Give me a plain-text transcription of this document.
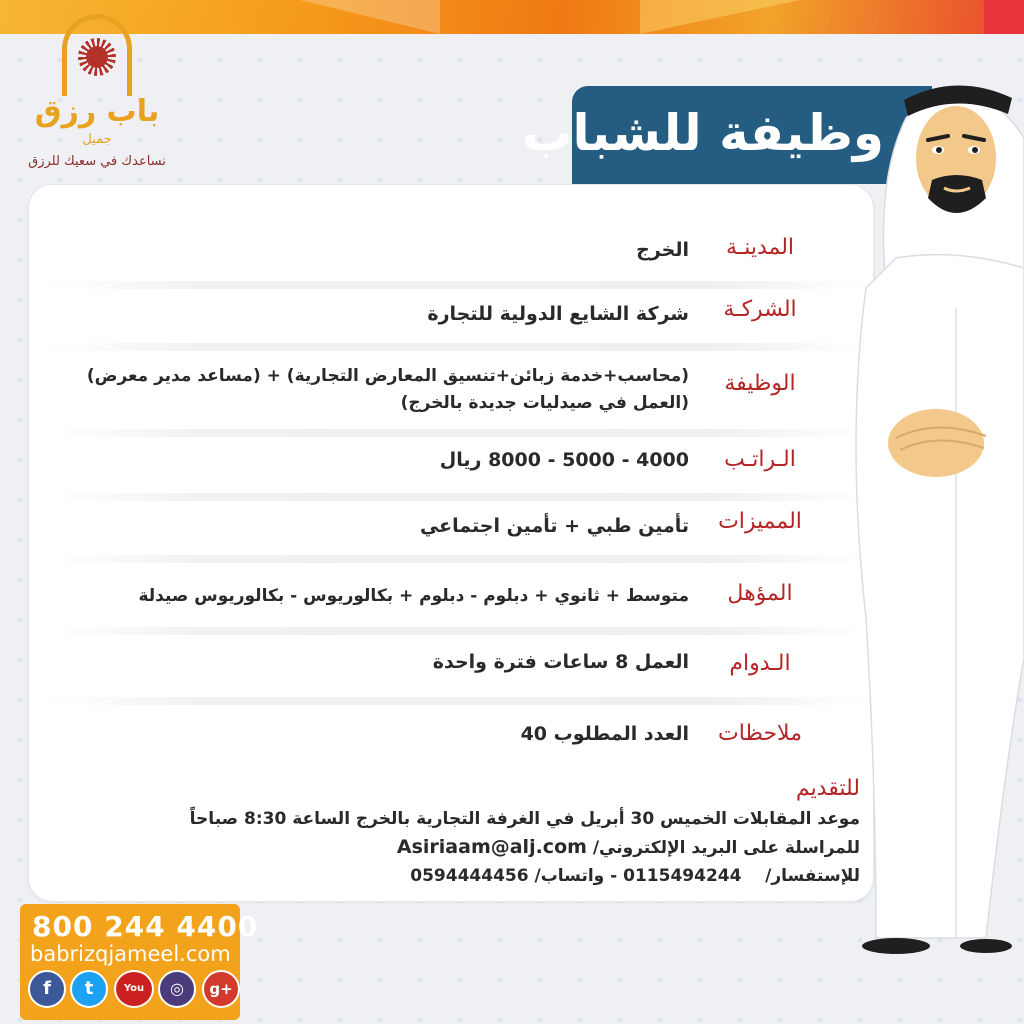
باب رزق
جميل
نساعدك في سعيك للرزق	وظيفة للشباب
المدينـة
الخرج
الشركـة
شركة الشايع الدولية للتجارة
الوظيفة
(محاسب+خدمة زبائن+تنسيق المعارض التجارية) + (مساعد مدير معرض) (العمل في صيدليات جديدة بالخرج)
الـراتـب
4000 - 5000 - 8000 ريال
المميزات
تأمين طبي + تأمين اجتماعي
المؤهل
متوسط + ثانوي + دبلوم - دبلوم + بكالوريوس - بكالوريوس صيدلة
الـدوام
العمل 8 ساعات فترة واحدة
ملاحظات
العدد المطلوب 40
للتقديم
موعد المقابلات الخميس 30 أبريل في الغرفة التجارية بالخرج الساعة 8:30 صباحاً
للمراسلة على البريد الإلكتروني/ Asiriaam@alj.com
للإستفسار/    0115494244 - واتساب/ 0594444456
800 244 4400
babrizqjameel.com
f	t	You	◎	g+
